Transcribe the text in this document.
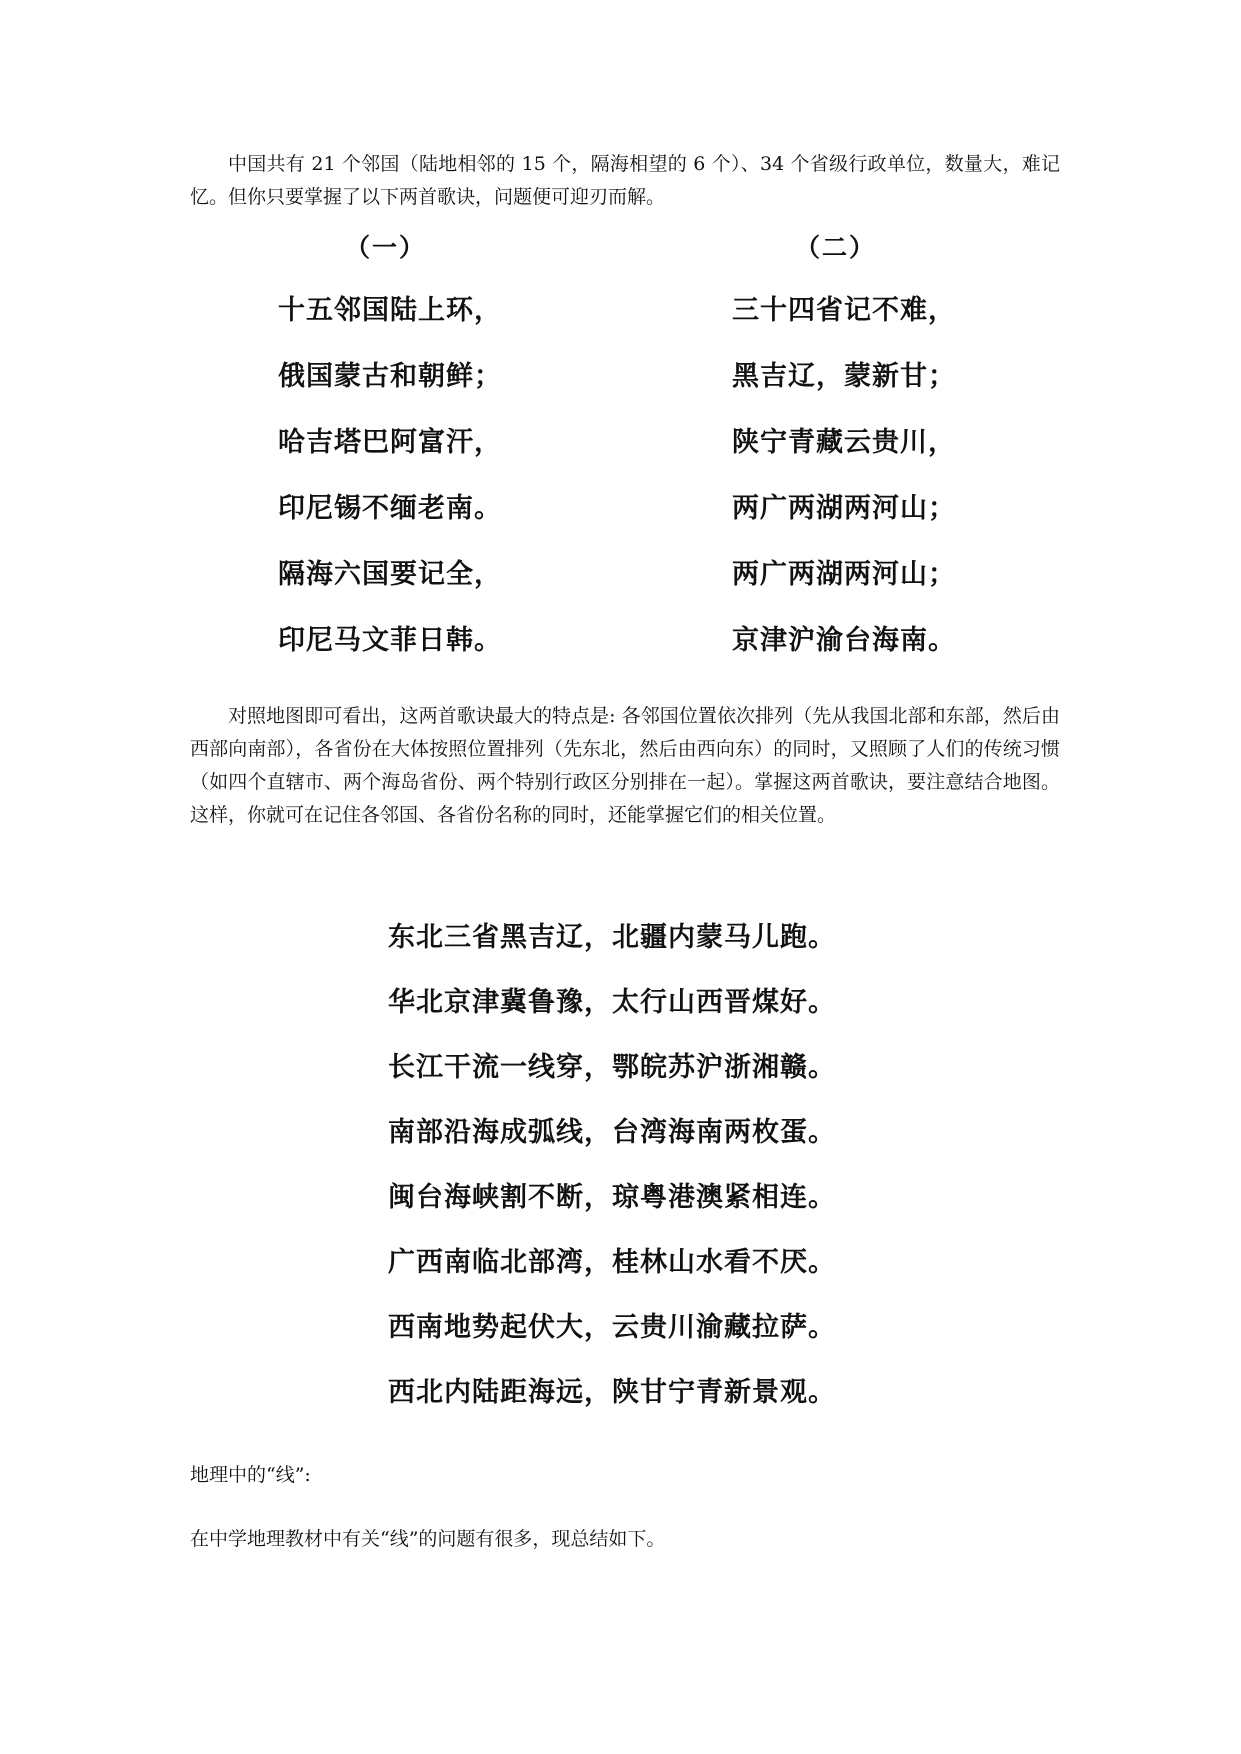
中国共有 21 个邻国（陆地相邻的 15 个，隔海相望的 6 个）、34 个省级行政单位，数量大，难记忆。但你只要掌握了以下两首歌诀，问题便可迎刃而解。

（一）	（二）
十五邻国陆上环，
俄国蒙古和朝鲜；
哈吉塔巴阿富汗，
印尼锡不缅老南。
隔海六国要记全，
印尼马文菲日韩。
三十四省记不难，
黑吉辽，蒙新甘；
陕宁青藏云贵川，
两广两湖两河山；
两广两湖两河山；
京津沪渝台海南。

对照地图即可看出，这两首歌诀最大的特点是: 各邻国位置依次排列（先从我国北部和东部，然后由西部向南部），各省份在大体按照位置排列（先东北，然后由西向东）的同时，又照顾了人们的传统习惯（如四个直辖市、两个海岛省份、两个特别行政区分别排在一起）。掌握这两首歌诀，要注意结合地图。这样，你就可在记住各邻国、各省份名称的同时，还能掌握它们的相关位置。

东北三省黑吉辽，北疆内蒙马儿跑。
华北京津冀鲁豫，太行山西晋煤好。
长江干流一线穿，鄂皖苏沪浙湘赣。
南部沿海成弧线，台湾海南两枚蛋。
闽台海峡割不断，琼粤港澳紧相连。
广西南临北部湾，桂林山水看不厌。
西南地势起伏大，云贵川渝藏拉萨。
西北内陆距海远，陕甘宁青新景观。
地理中的“线”:
在中学地理教材中有关“线”的问题有很多，现总结如下。
